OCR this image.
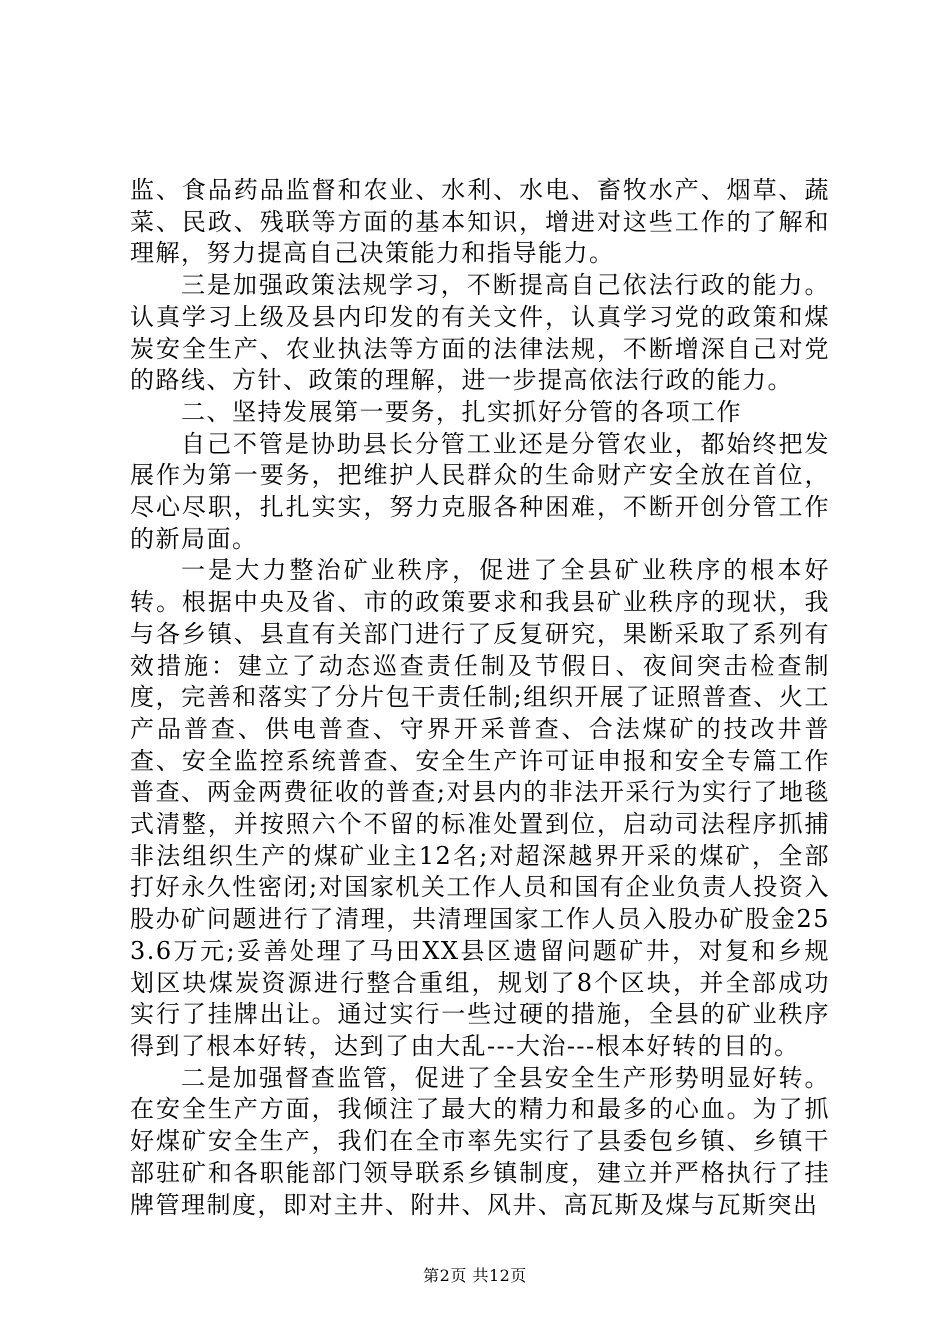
监、食品药品监督和农业、水利、水电、畜牧水产、烟草、蔬菜、民政、残联等方面的基本知识，增进对这些工作的了解和理解，努力提高自己决策能力和指导能力。

三是加强政策法规学习，不断提高自己依法行政的能力。认真学习上级及县内印发的有关文件，认真学习党的政策和煤炭安全生产、农业执法等方面的法律法规，不断增深自己对党的路线、方针、政策的理解，进一步提高依法行政的能力。

二、坚持发展第一要务，扎实抓好分管的各项工作

自己不管是协助县长分管工业还是分管农业，都始终把发展作为第一要务，把维护人民群众的生命财产安全放在首位，尽心尽职，扎扎实实，努力克服各种困难，不断开创分管工作的新局面。

一是大力整治矿业秩序，促进了全县矿业秩序的根本好转。根据中央及省、市的政策要求和我县矿业秩序的现状，我与各乡镇、县直有关部门进行了反复研究，果断采取了系列有效措施：建立了动态巡查责任制及节假日、夜间突击检查制度，完善和落实了分片包干责任制;组织开展了证照普查、火工产品普查、供电普查、守界开采普查、合法煤矿的技改井普查、安全监控系统普查、安全生产许可证申报和安全专篇工作普查、两金两费征收的普查;对县内的非法开采行为实行了地毯式清整，并按照六个不留的标准处置到位，启动司法程序抓捕非法组织生产的煤矿业主12名;对超深越界开采的煤矿，全部打好永久性密闭;对国家机关工作人员和国有企业负责人投资入股办矿问题进行了清理，共清理国家工作人员入股办矿股金253.6万元;妥善处理了马田XX县区遗留问题矿井，对复和乡规划区块煤炭资源进行整合重组，规划了8个区块，并全部成功实行了挂牌出让。通过实行一些过硬的措施，全县的矿业秩序得到了根本好转，达到了由大乱---大治---根本好转的目的。

二是加强督查监管，促进了全县安全生产形势明显好转。在安全生产方面，我倾注了最大的精力和最多的心血。为了抓好煤矿安全生产，我们在全市率先实行了县委包乡镇、乡镇干部驻矿和各职能部门领导联系乡镇制度，建立并严格执行了挂牌管理制度，即对主井、附井、风井、高瓦斯及煤与瓦斯突出

第2页 共12页
